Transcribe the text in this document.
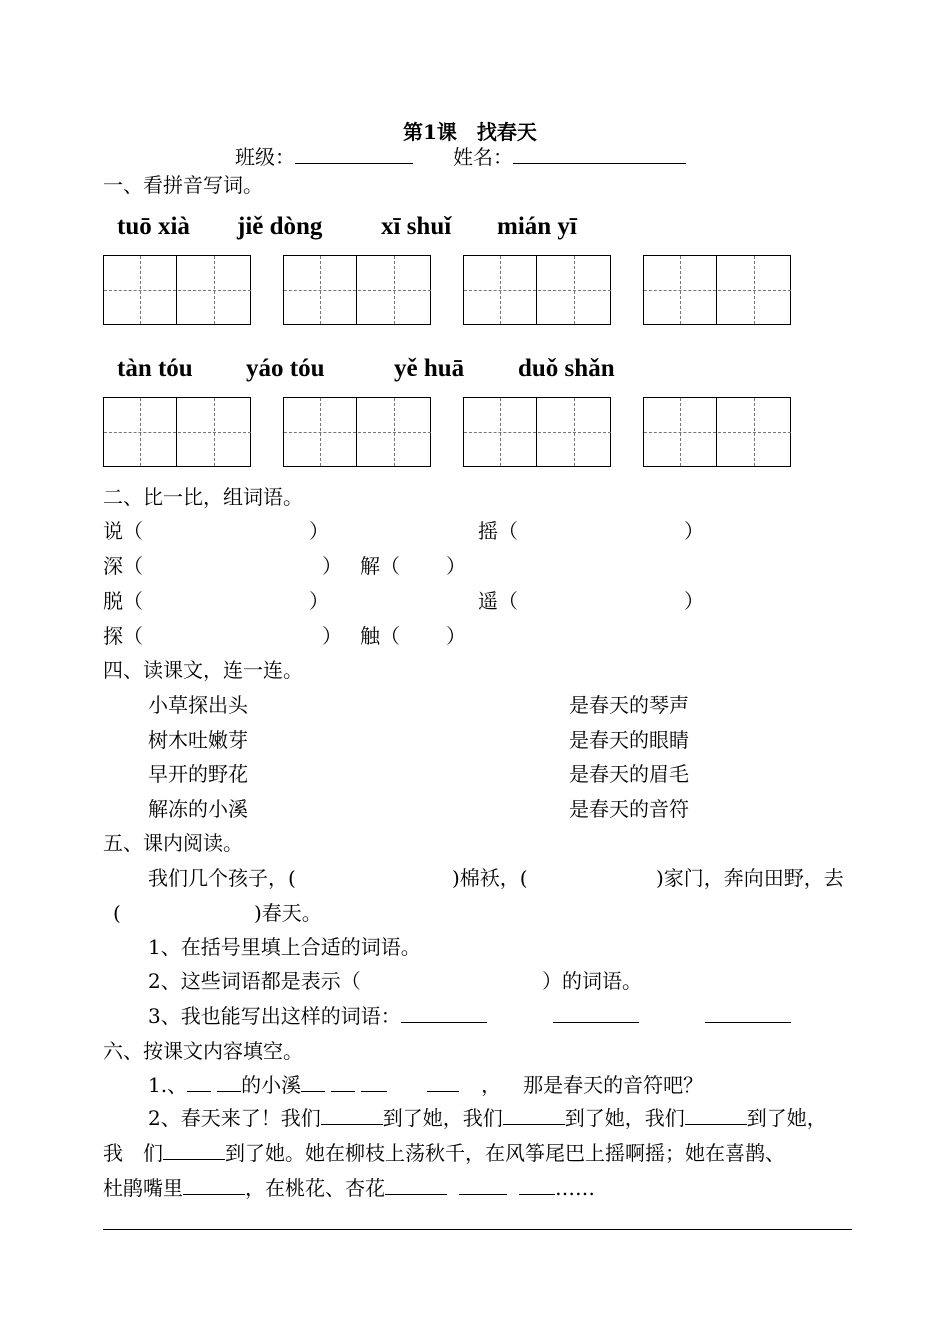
第1课　找春天
班级：	姓名：
一、看拼音写词。
tuō xià jiě dòng xī shuǐ mián yī
tàn tóu yáo tóu	yě huā duǒ shǎn
二、比一比，组词语。
说（	）	摇（	）
深（	） 解（ ）
脱（	）	遥（	）
探（	） 触（ ）
四、读课文，连一连。
小草探出头
树木吐嫩芽
早开的野花
解冻的小溪
是春天的琴声
是春天的眼睛
是春天的眉毛
是春天的音符
五、课内阅读。
我们几个孩子，(	)棉袄，(	)家门，奔向田野，去
(	)春天。
1、在括号里填上合适的词语。
2、这些词语都是表示（	）的词语。
3、我也能写出这样的词语：
六、按课文内容填空。
1.、	的小溪	， 那是春天的音符吧？
2、春天来了！我们	到了她，我们	到了她，我们	到了她，
我　们	到了她。她在柳枝上荡秋千，在风筝尾巴上摇啊摇；她在喜鹊、
杜鹃嘴里	，在桃花、杏花	……
